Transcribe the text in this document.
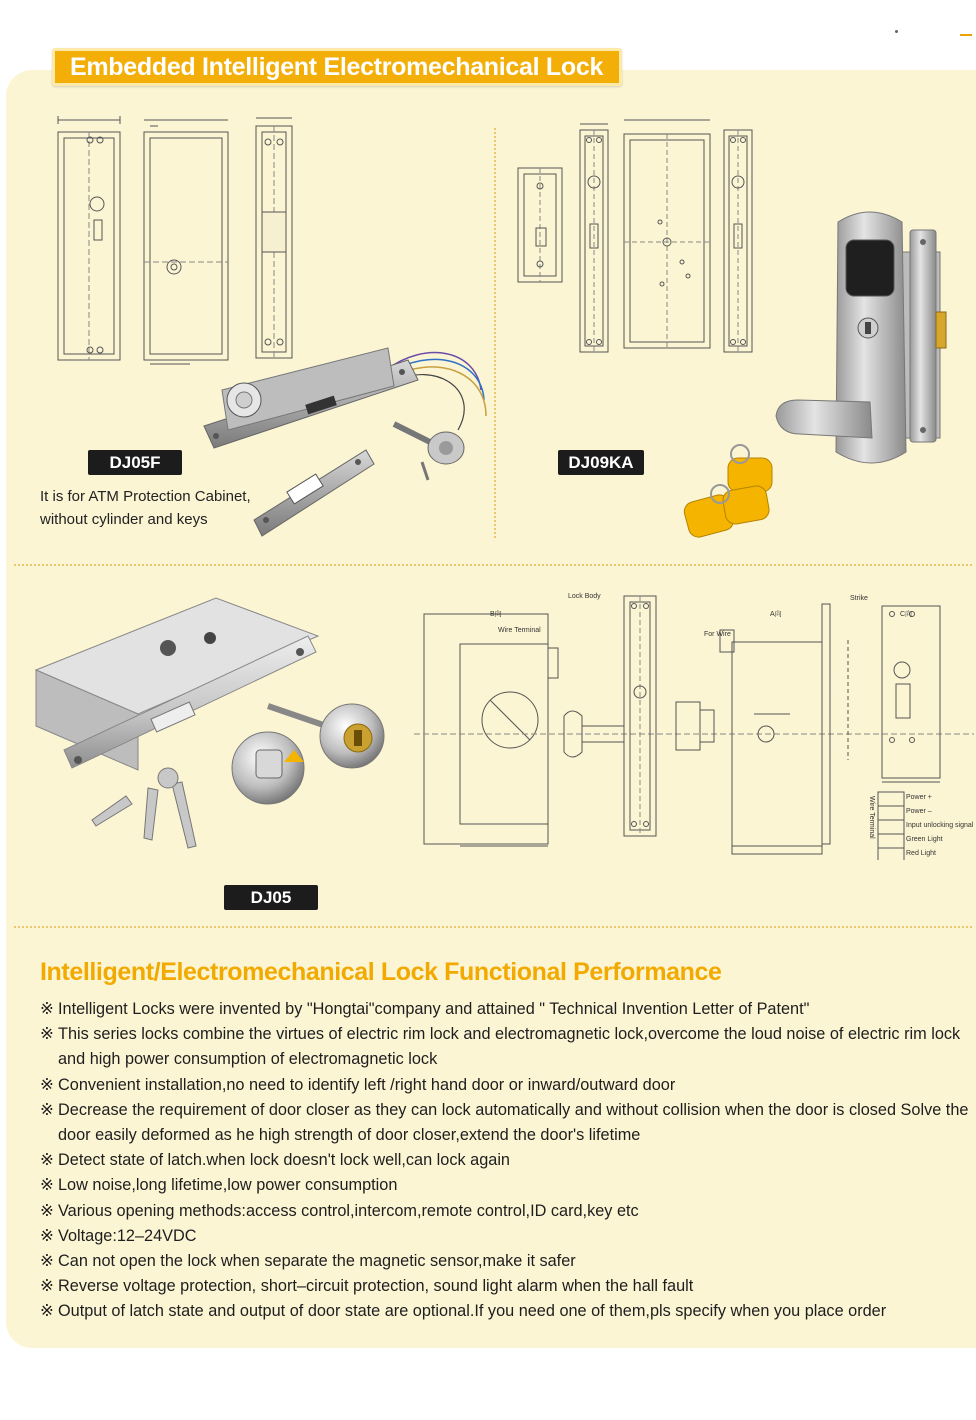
Embedded Intelligent Electromechanical Lock
DJ05F
It is for ATM Protection Cabinet,
without cylinder and keys
DJ09KA
DJ05
Lock Body
Wire Terminal
For Wire
Strike
B向	A向	C向
Power +
Power –
Input unlocking signal
Green Light
Red Light
Wire Terminal
Intelligent/Electromechanical Lock Functional Performance
※ Intelligent Locks were invented by "Hongtai"company and attained " Technical Invention Letter of Patent"
※ This series locks combine the virtues of electric rim lock and electromagnetic lock,overcome the loud noise of electric rim lock and high power consumption of electromagnetic lock
※ Convenient installation,no need to identify left /right hand door or inward/outward door
※ Decrease the requirement of door closer as they can lock automatically and without collision when the door is closed Solve the door easily deformed as he high strength of door closer,extend the door's lifetime
※ Detect state of latch.when lock doesn't lock well,can lock again
※ Low noise,long lifetime,low power consumption
※ Various opening methods:access control,intercom,remote control,ID card,key etc
※ Voltage:12–24VDC
※ Can not open the lock when separate the magnetic sensor,make it safer
※ Reverse voltage protection, short–circuit protection, sound light alarm when the hall fault
※ Output of latch state and output of door state are optional.If you need one of them,pls specify when you place order
